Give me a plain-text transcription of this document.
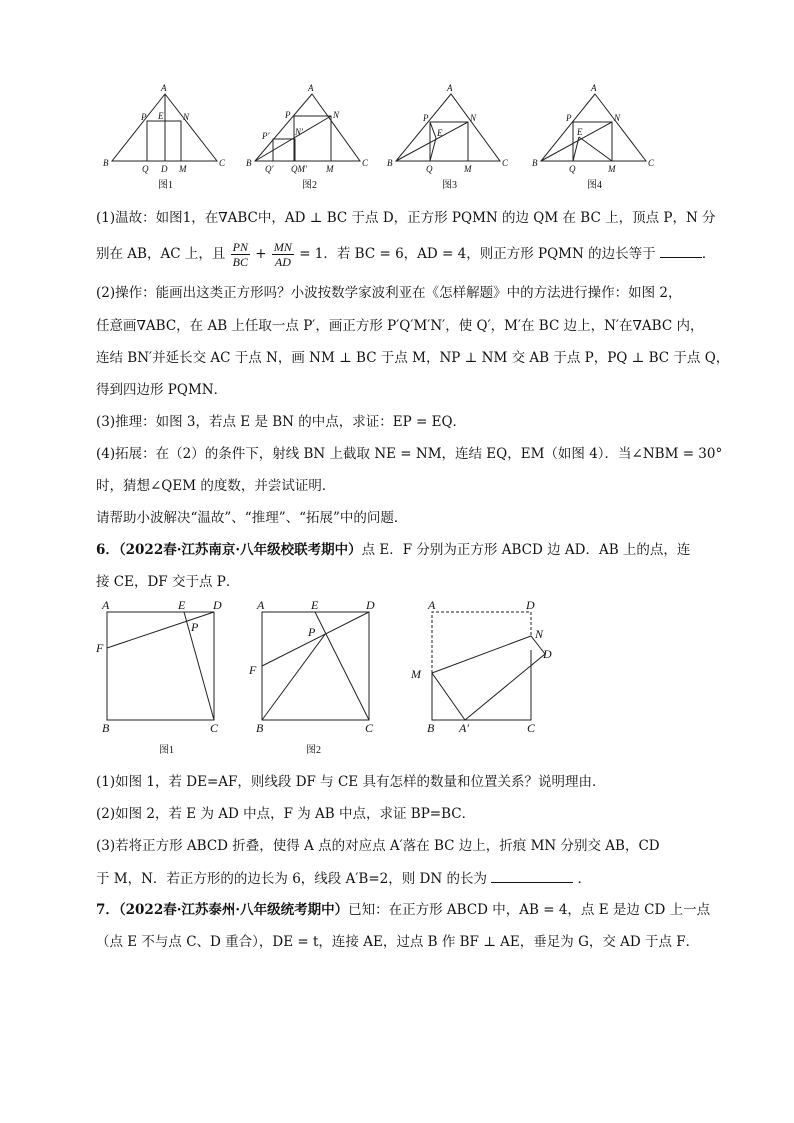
A
B	C
P E N
Q D M
图1
A
B	C
P	N
P′	N′
Q′ QM′ M
图2
A
B	C
P
E
N
Q	M
图3
A
B	C
P
E
N
Q	M
图4
(1)温故：如图1，在∇ABC中，AD ⊥ BC 于点 D，正方形 PQMN 的边 QM 在 BC 上，顶点 P，N 分
别在 AB，AC 上，且 $\frac{PN}{BC} + \frac{MN}{AD} = 1$．若 BC = 6，AD = 4，则正方形 PQMN 的边长等于	．
(2)操作：能画出这类正方形吗？小波按数学家波利亚在《怎样解题》中的方法进行操作：如图 2，
任意画∇ABC，在 AB 上任取一点 P′，画正方形 P′Q′M′N′，使 Q′，M′在 BC 边上，N′在∇ABC 内，
连结 BN′并延长交 AC 于点 N，画 NM ⊥ BC 于点 M，NP ⊥ NM 交 AB 于点 P，PQ ⊥ BC 于点 Q，
得到四边形 PQMN．
(3)推理：如图 3，若点 E 是 BN 的中点，求证：EP = EQ．
(4)拓展：在（2）的条件下，射线 BN 上截取 NE = NM，连结 EQ，EM（如图 4）．当∠NBM = 30°
时，猜想∠QEM 的度数，并尝试证明．
请帮助小波解决“温故”、“推理”、“拓展”中的问题．
6．（2022春·江苏南京·八年级校联考期中）点 E．F 分别为正方形 ABCD 边 AD．AB 上的点，连
接 CE，DF 交于点 P．
A	E D
P
F
B	C
图1
A	E	D
P
F
B	C
图2
A	D
N
D
M
B A′	C
(1)如图 1，若 DE=AF，则线段 DF 与 CE 具有怎样的数量和位置关系？说明理由．
(2)如图 2，若 E 为 AD 中点，F 为 AB 中点，求证 BP=BC．
(3)若将正方形 ABCD 折叠，使得 A 点的对应点 A′落在 BC 边上，折痕 MN 分别交 AB，CD
于 M，N．若正方形的的边长为 6，线段 A′B=2，则 DN 的长为	．
7．（2022春·江苏泰州·八年级统考期中）已知：在正方形 ABCD 中，AB = 4，点 E 是边 CD 上一点
（点 E 不与点 C、D 重合），DE = t，连接 AE，过点 B 作 BF ⊥ AE，垂足为 G，交 AD 于点 F．
